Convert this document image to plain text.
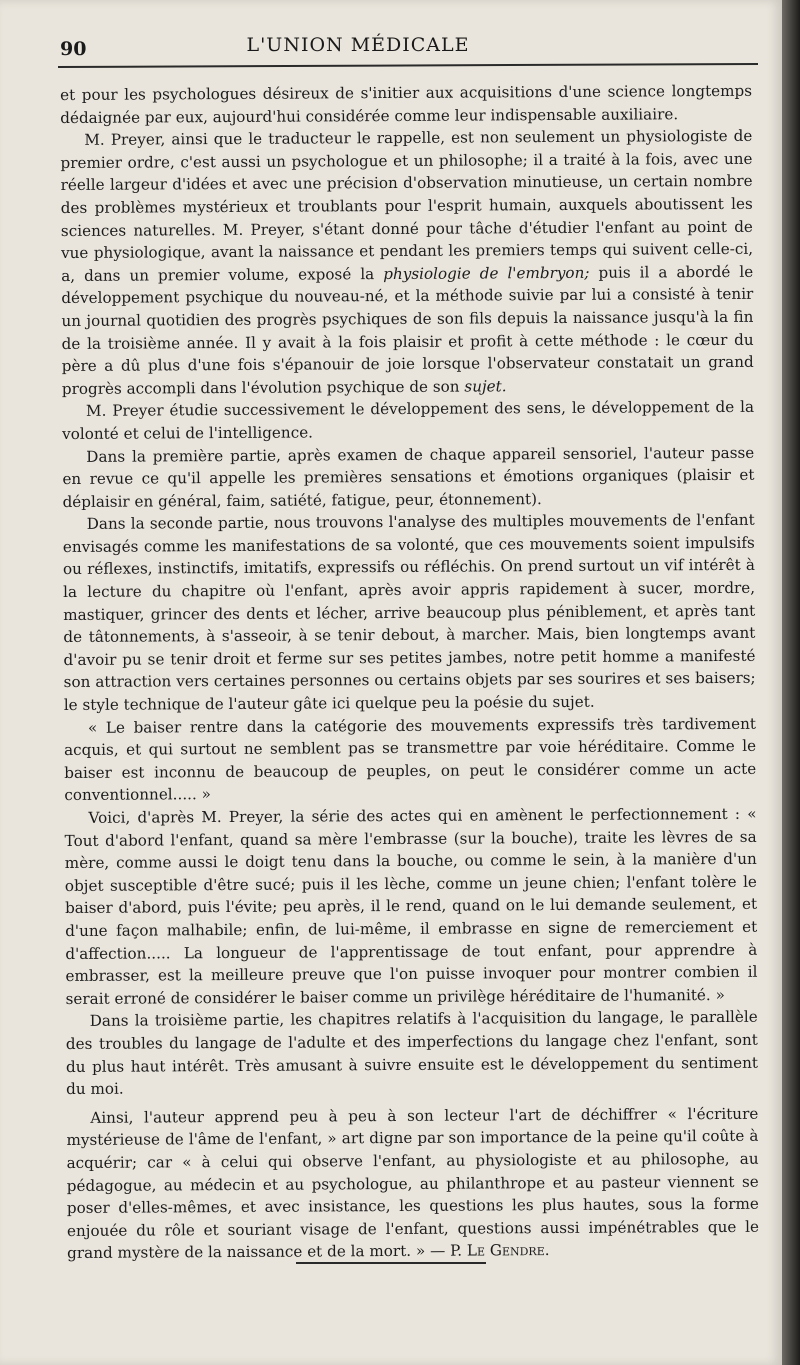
90	L'UNION MÉDICALE

et pour les psychologues désireux de s'initier aux acquisitions d'une science longtemps dédaignée par eux, aujourd'hui considérée comme leur indispensable auxiliaire.

M. Preyer, ainsi que le traducteur le rappelle, est non seulement un physiologiste de premier ordre, c'est aussi un psychologue et un philosophe; il a traité à la fois, avec une réelle largeur d'idées et avec une précision d'observation minutieuse, un certain nombre des problèmes mystérieux et troublants pour l'esprit humain, auxquels aboutissent les sciences naturelles. M. Preyer, s'étant donné pour tâche d'étudier l'enfant au point de vue physiologique, avant la naissance et pendant les premiers temps qui suivent celle-ci, a, dans un premier volume, exposé la physiologie de l'embryon; puis il a abordé le développement psychique du nouveau-né, et la méthode suivie par lui a consisté à tenir un journal quotidien des progrès psychiques de son fils depuis la naissance jusqu'à la fin de la troisième année. Il y avait à la fois plaisir et profit à cette méthode : le cœur du père a dû plus d'une fois s'épanouir de joie lorsque l'observateur constatait un grand progrès accompli dans l'évolution psychique de son sujet.

M. Preyer étudie successivement le développement des sens, le développement de la volonté et celui de l'intelligence.

Dans la première partie, après examen de chaque appareil sensoriel, l'auteur passe en revue ce qu'il appelle les premières sensations et émotions organiques (plaisir et déplaisir en général, faim, satiété, fatigue, peur, étonnement).

Dans la seconde partie, nous trouvons l'analyse des multiples mouvements de l'enfant envisagés comme les manifestations de sa volonté, que ces mouvements soient impulsifs ou réflexes, instinctifs, imitatifs, expressifs ou réfléchis. On prend surtout un vif intérêt à la lecture du chapitre où l'enfant, après avoir appris rapidement à sucer, mordre, mastiquer, grincer des dents et lécher, arrive beaucoup plus péniblement, et après tant de tâtonnements, à s'asseoir, à se tenir debout, à marcher. Mais, bien longtemps avant d'avoir pu se tenir droit et ferme sur ses petites jambes, notre petit homme a manifesté son attraction vers certaines personnes ou certains objets par ses sourires et ses baisers; le style technique de l'auteur gâte ici quelque peu la poésie du sujet.

« Le baiser rentre dans la catégorie des mouvements expressifs très tardivement acquis, et qui surtout ne semblent pas se transmettre par voie héréditaire. Comme le baiser est inconnu de beaucoup de peuples, on peut le considérer comme un acte conventionnel..... »

Voici, d'après M. Preyer, la série des actes qui en amènent le perfectionnement : « Tout d'abord l'enfant, quand sa mère l'embrasse (sur la bouche), traite les lèvres de sa mère, comme aussi le doigt tenu dans la bouche, ou comme le sein, à la manière d'un objet susceptible d'être sucé; puis il les lèche, comme un jeune chien; l'enfant tolère le baiser d'abord, puis l'évite; peu après, il le rend, quand on le lui demande seulement, et d'une façon malhabile; enfin, de lui-même, il embrasse en signe de remerciement et d'affection..... La longueur de l'apprentissage de tout enfant, pour apprendre à embrasser, est la meilleure preuve que l'on puisse invoquer pour montrer combien il serait erroné de considérer le baiser comme un privilège héréditaire de l'humanité. »

Dans la troisième partie, les chapitres relatifs à l'acquisition du langage, le parallèle des troubles du langage de l'adulte et des imperfections du langage chez l'enfant, sont du plus haut intérêt. Très amusant à suivre ensuite est le développement du sentiment du moi.

Ainsi, l'auteur apprend peu à peu à son lecteur l'art de déchiffrer « l'écriture mystérieuse de l'âme de l'enfant, » art digne par son importance de la peine qu'il coûte à acquérir; car « à celui qui observe l'enfant, au physiologiste et au philosophe, au pédagogue, au médecin et au psychologue, au philanthrope et au pasteur viennent se poser d'elles-mêmes, et avec insistance, les questions les plus hautes, sous la forme enjouée du rôle et souriant visage de l'enfant, questions aussi impénétrables que le grand mystère de la naissance et de la mort. » — P. Le Gendre.
